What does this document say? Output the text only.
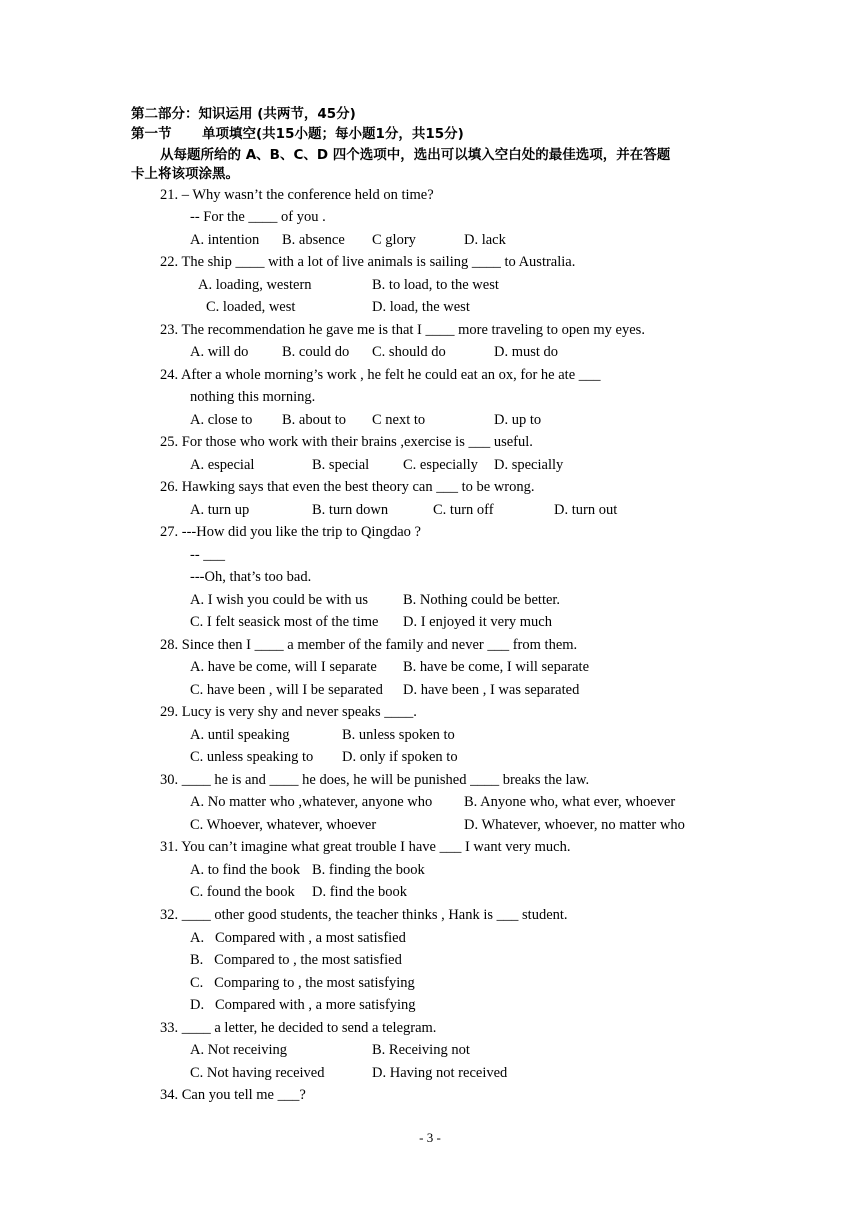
第二部分：知识运用 (共两节，45分)
第一节 单项填空(共15小题；每小题1分，共15分)
从每题所给的 A、B、C、D 四个选项中，选出可以填入空白处的最佳选项，并在答题
卡上将该项涂黑。
21. – Why wasn’t the conference held on time?
-- For the ____ of you .
A. intention B. absence C glory	D. lack
22. The ship ____ with a lot of live animals is sailing ____ to Australia.
A. loading, western	B. to load, to the west
C. loaded, west	D. load, the west
23. The recommendation he gave me is that I ____ more traveling to open my eyes.
A. will do B. could do C. should do	D. must do
24. After a whole morning’s work , he felt he could eat an ox, for he ate ___
nothing this morning.
A. close to B. about to C next to	D. up to
25. For those who work with their brains ,exercise is ___ useful.
A. especial	B. special C. especially D. specially
26. Hawking says that even the best theory can ___ to be wrong.
A. turn up	B. turn down	C. turn off	D. turn out
27. ---How did you like the trip to Qingdao ?
-- ___
---Oh, that’s too bad.
A. I wish you could be with us B. Nothing could be better.
C. I felt seasick most of the time D. I enjoyed it very much
28. Since then I ____ a member of the family and never ___ from them.
A. have be come, will I separate B. have be come, I will separate
C. have been , will I be separated D. have been , I was separated
29. Lucy is very shy and never speaks ____.
A. until speaking	B. unless spoken to
C. unless speaking to D. only if spoken to
30. ____ he is and ____ he does, he will be punished ____ breaks the law.
A. No matter who ,whatever, anyone who B. Anyone who, what ever, whoever
C. Whoever, whatever, whoever	D. Whatever, whoever, no matter who
31. You can’t imagine what great trouble I have ___ I want very much.
A. to find the book B. finding the book
C. found the book D. find the book
32. ____ other good students, the teacher thinks , Hank is ___ student.
A.   Compared with , a most satisfied
B.   Compared to , the most satisfied
C.   Comparing to , the most satisfying
D.   Compared with , a more satisfying
33. ____ a letter, he decided to send a telegram.
A. Not receiving	B. Receiving not
C. Not having received	D. Having not received
34. Can you tell me ___?
- 3 -
